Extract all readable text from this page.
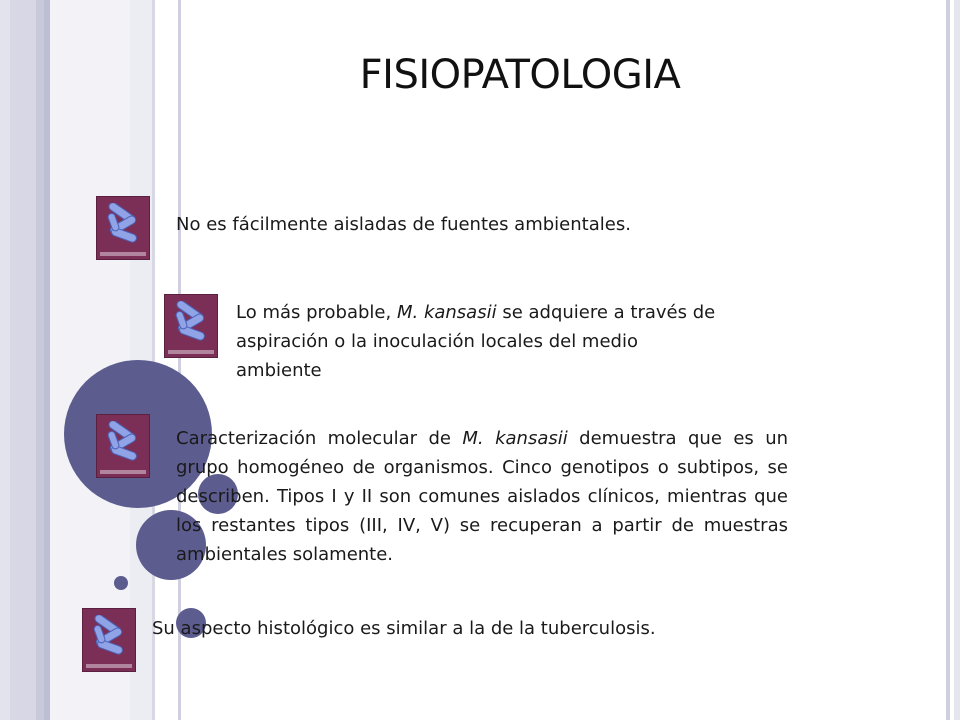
FISIOPATOLOGIA
No es fácilmente aisladas de fuentes ambientales.
Lo más probable, M. kansasii se adquiere a través de aspiración o la inoculación locales del medio ambiente
Caracterización molecular de M. kansasii demuestra que es un grupo homogéneo de organismos. Cinco genotipos o subtipos, se describen. Tipos I y II son comunes aislados clínicos, mientras que los restantes tipos (III, IV, V) se recuperan a partir de muestras ambientales solamente.
Su aspecto histológico es similar a la de la tuberculosis.
